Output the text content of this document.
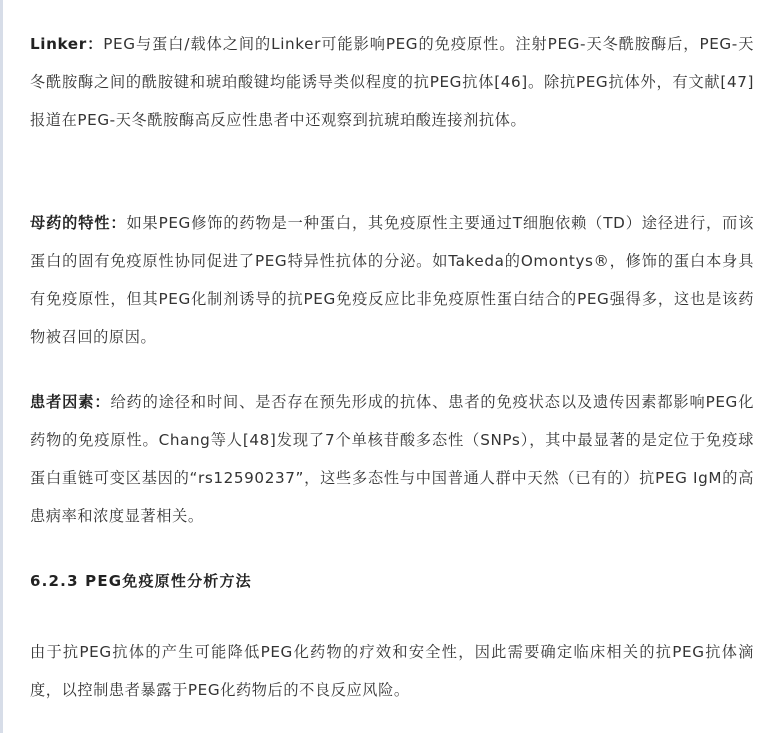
Linker：PEG与蛋白/载体之间的Linker可能影响PEG的免疫原性。注射PEG-天冬酰胺酶后，PEG-天冬酰胺酶之间的酰胺键和琥珀酸键均能诱导类似程度的抗PEG抗体[46]。除抗PEG抗体外，有文献[47]报道在PEG-天冬酰胺酶高反应性患者中还观察到抗琥珀酸连接剂抗体。

母药的特性：如果PEG修饰的药物是一种蛋白，其免疫原性主要通过T细胞依赖（TD）途径进行，而该蛋白的固有免疫原性协同促进了PEG特异性抗体的分泌。如Takeda的Omontys®，修饰的蛋白本身具有免疫原性，但其PEG化制剂诱导的抗PEG免疫反应比非免疫原性蛋白结合的PEG强得多，这也是该药物被召回的原因。

患者因素：给药的途径和时间、是否存在预先形成的抗体、患者的免疫状态以及遗传因素都影响PEG化药物的免疫原性。Chang等人[48]发现了7个单核苷酸多态性（SNPs），其中最显著的是定位于免疫球蛋白重链可变区基因的“rs12590237”，这些多态性与中国普通人群中天然（已有的）抗PEG IgM的高患病率和浓度显著相关。

6.2.3 PEG免疫原性分析方法

由于抗PEG抗体的产生可能降低PEG化药物的疗效和安全性，因此需要确定临床相关的抗PEG抗体滴度，以控制患者暴露于PEG化药物后的不良反应风险。
